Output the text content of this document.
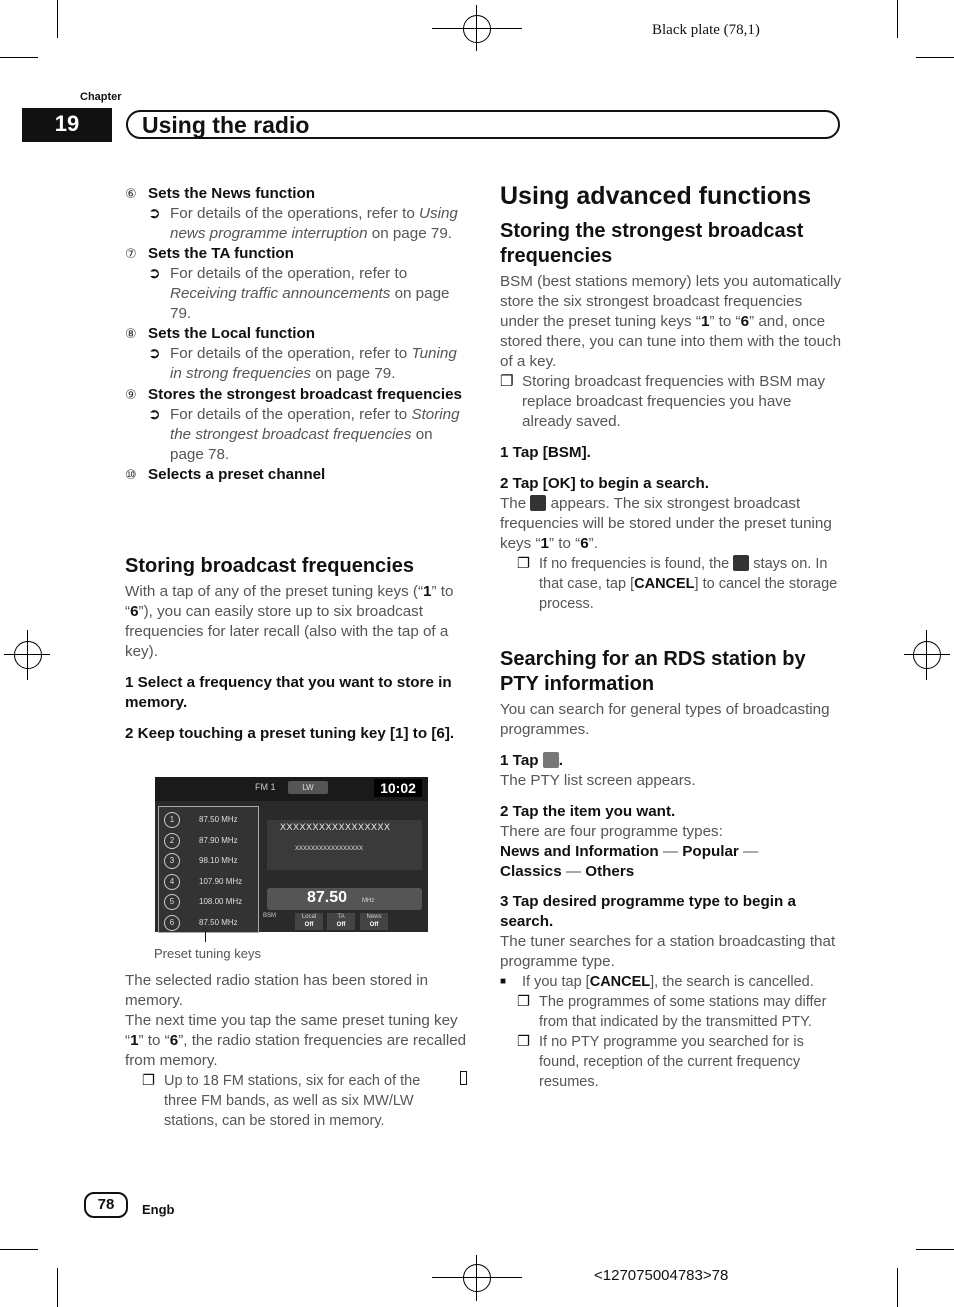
Black plate (78,1)
Chapter
19	Using the radio
⑥ Sets the News function
➲ For details of the operations, refer to Using news programme interruption on page 79.
⑦ Sets the TA function
➲ For details of the operation, refer to Receiving traffic announcements on page 79.
⑧ Sets the Local function
➲ For details of the operation, refer to Tuning in strong frequencies on page 79.
⑨ Stores the strongest broadcast frequencies
➲ For details of the operation, refer to Storing the strongest broadcast frequencies on page 78.
⑩ Selects a preset channel
Storing broadcast frequencies

With a tap of any of the preset tuning keys (“1” to “6”), you can easily store up to six broadcast frequencies for later recall (also with the tap of a key).

1 Select a frequency that you want to store in memory.

2 Keep touching a preset tuning key [1] to [6].

FM 1	LW	10:02
1	87.50 MHz
2	87.90 MHz
3	98.10 MHz
4	107.90 MHz
5	108.00 MHz
6	87.50 MHz
XXXXXXXXXXXXXXXXX
xxxxxxxxxxxxxxxxx
87.50 MHz
BSM	Local
Off
TA
Off
News
Off
Preset tuning keys

The selected radio station has been stored in memory.

The next time you tap the same preset tuning key “1” to “6”, the radio station frequencies are recalled from memory.

❐ Up to 18 FM stations, six for each of the three FM bands, as well as six MW/LW stations, can be stored in memory.
Using advanced functions
Storing the strongest broadcast frequencies

BSM (best stations memory) lets you automatically store the six strongest broadcast frequencies under the preset tuning keys “1” to “6” and, once stored there, you can tune into them with the touch of a key.

❐ Storing broadcast frequencies with BSM may replace broadcast frequencies you have already saved.

1 Tap [BSM].

2 Tap [OK] to begin a search.

The  appears. The six strongest broadcast frequencies will be stored under the preset tuning keys “1” to “6”.

❐ If no frequencies is found, the  stays on. In that case, tap [CANCEL] to cancel the storage process.
Searching for an RDS station by PTY information

You can search for general types of broadcasting programmes.

1 Tap .

The PTY list screen appears.

2 Tap the item you want.

There are four programme types:

News and Information — Popular —
Classics — Others

3 Tap desired programme type to begin a search.

The tuner searches for a station broadcasting that programme type.

■	If you tap [CANCEL], the search is cancelled.
❐ The programmes of some stations may differ from that indicated by the transmitted PTY.
❐ If no PTY programme you searched for is found, reception of the current frequency resumes.
78	Engb
<127075004783>78
